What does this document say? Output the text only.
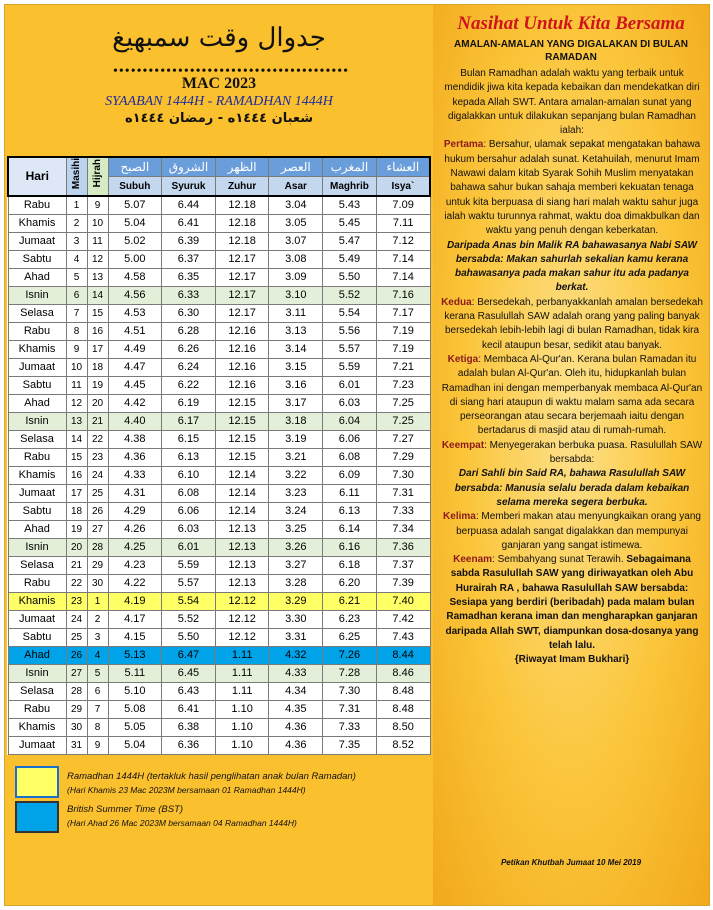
جدوال وقت سمبهيغ
••••••••••••••••••••••••••••••••••••••••
MAC 2023
SYAABAN 1444H - RAMADHAN 1444H
شعبان ١٤٤٤ه - رمضان ١٤٤٤ه
Hari	Masihi	Hijrah	الصبح	الشروق	الظهر	العصر	المغرب	العشاء
			Subuh	Syuruk	Zuhur	Asar	Maghrib	Isya`
Rabu	1	9	5.07	6.44	12.18	3.04	5.43	7.09
Khamis	2	10	5.04	6.41	12.18	3.05	5.45	7.11
Jumaat	3	11	5.02	6.39	12.18	3.07	5.47	7.12
Sabtu	4	12	5.00	6.37	12.17	3.08	5.49	7.14
Ahad	5	13	4.58	6.35	12.17	3.09	5.50	7.14
Isnin	6	14	4.56	6.33	12.17	3.10	5.52	7.16
Selasa	7	15	4.53	6.30	12.17	3.11	5.54	7.17
Rabu	8	16	4.51	6.28	12.16	3.13	5.56	7.19
Khamis	9	17	4.49	6.26	12.16	3.14	5.57	7.19
Jumaat	10	18	4.47	6.24	12.16	3.15	5.59	7.21
Sabtu	11	19	4.45	6.22	12.16	3.16	6.01	7.23
Ahad	12	20	4.42	6.19	12.15	3.17	6.03	7.25
Isnin	13	21	4.40	6.17	12.15	3.18	6.04	7.25
Selasa	14	22	4.38	6.15	12.15	3.19	6.06	7.27
Rabu	15	23	4.36	6.13	12.15	3.21	6.08	7.29
Khamis	16	24	4.33	6.10	12.14	3.22	6.09	7.30
Jumaat	17	25	4.31	6.08	12.14	3.23	6.11	7.31
Sabtu	18	26	4.29	6.06	12.14	3.24	6.13	7.33
Ahad	19	27	4.26	6.03	12.13	3.25	6.14	7.34
Isnin	20	28	4.25	6.01	12.13	3.26	6.16	7.36
Selasa	21	29	4.23	5.59	12.13	3.27	6.18	7.37
Rabu	22	30	4.22	5.57	12.13	3.28	6.20	7.39
Khamis	23	1	4.19	5.54	12.12	3.29	6.21	7.40
Jumaat	24	2	4.17	5.52	12.12	3.30	6.23	7.42
Sabtu	25	3	4.15	5.50	12.12	3.31	6.25	7.43
Ahad	26	4	5.13	6.47	1.11	4.32	7.26	8.44
Isnin	27	5	5.11	6.45	1.11	4.33	7.28	8.46
Selasa	28	6	5.10	6.43	1.11	4.34	7.30	8.48
Rabu	29	7	5.08	6.41	1.10	4.35	7.31	8.48
Khamis	30	8	5.05	6.38	1.10	4.36	7.33	8.50
Jumaat	31	9	5.04	6.36	1.10	4.36	7.35	8.52
Ramadhan 1444H (tertakluk hasil penglihatan anak bulan Ramadan)
(Hari Khamis 23 Mac 2023M bersamaan 01 Ramadhan 1444H)
British Summer Time (BST)
(Hari Ahad 26 Mac 2023M bersamaan 04 Ramadhan 1444H)
Nasihat Untuk Kita Bersama
AMALAN-AMALAN YANG DIGALAKAN DI BULAN RAMADAN

Bulan Ramadhan adalah waktu yang terbaik untuk mendidik jiwa kita kepada kebaikan dan mendekatkan diri kepada Allah SWT. Antara amalan-amalan sunat yang digalakkan untuk dilakukan sepanjang bulan Ramadhan ialah:

Pertama: Bersahur, ulamak sepakat mengatakan bahawa hukum bersahur adalah sunat. Ketahuilah, menurut Imam Nawawi dalam kitab Syarak Sohih Muslim menyatakan bahawa sahur bukan sahaja memberi kekuatan tenaga untuk kita berpuasa di siang hari malah waktu sahur juga ialah waktu turunnya rahmat, waktu doa dimakbulkan dan waktu yang penuh dengan keberkatan.

Daripada Anas bin Malik RA bahawasanya Nabi SAW bersabda: Makan sahurlah sekalian kamu kerana bahawasanya pada makan sahur itu ada padanya berkat.

Kedua: Bersedekah, perbanyakkanlah amalan bersedekah kerana Rasulullah SAW adalah orang yang paling banyak bersedekah lebih-lebih lagi di bulan Ramadhan, tidak kira kecil ataupun besar, sedikit atau banyak.

Ketiga: Membaca Al-Qur'an. Kerana bulan Ramadan itu adalah bulan Al-Qur'an. Oleh itu, hidupkanlah bulan Ramadhan ini dengan memperbanyak membaca Al-Qur'an di siang hari ataupun di waktu malam sama ada secara perseorangan atau secara berjemaah iaitu dengan bertadarus di masjid atau di rumah-rumah.

Keempat: Menyegerakan berbuka puasa. Rasulullah SAW bersabda:

Dari Sahli bin Said RA, bahawa Rasulullah SAW bersabda: Manusia selalu berada dalam kebaikan selama mereka segera berbuka.

Kelima: Memberi makan atau menyungkaikan orang yang berpuasa adalah sangat digalakkan dan mempunyai ganjaran yang sangat istimewa.

Keenam: Sembahyang sunat Terawih. Sebagaimana sabda Rasulullah SAW yang diriwayatkan oleh Abu Hurairah RA , bahawa Rasulullah SAW bersabda: Sesiapa yang berdiri (beribadah) pada malam bulan Ramadhan kerana iman dan mengharapkan ganjaran daripada Allah SWT, diampunkan dosa-dosanya yang telah lalu.

{Riwayat Imam Bukhari}

Petikan Khutbah Jumaat 10 Mei 2019
